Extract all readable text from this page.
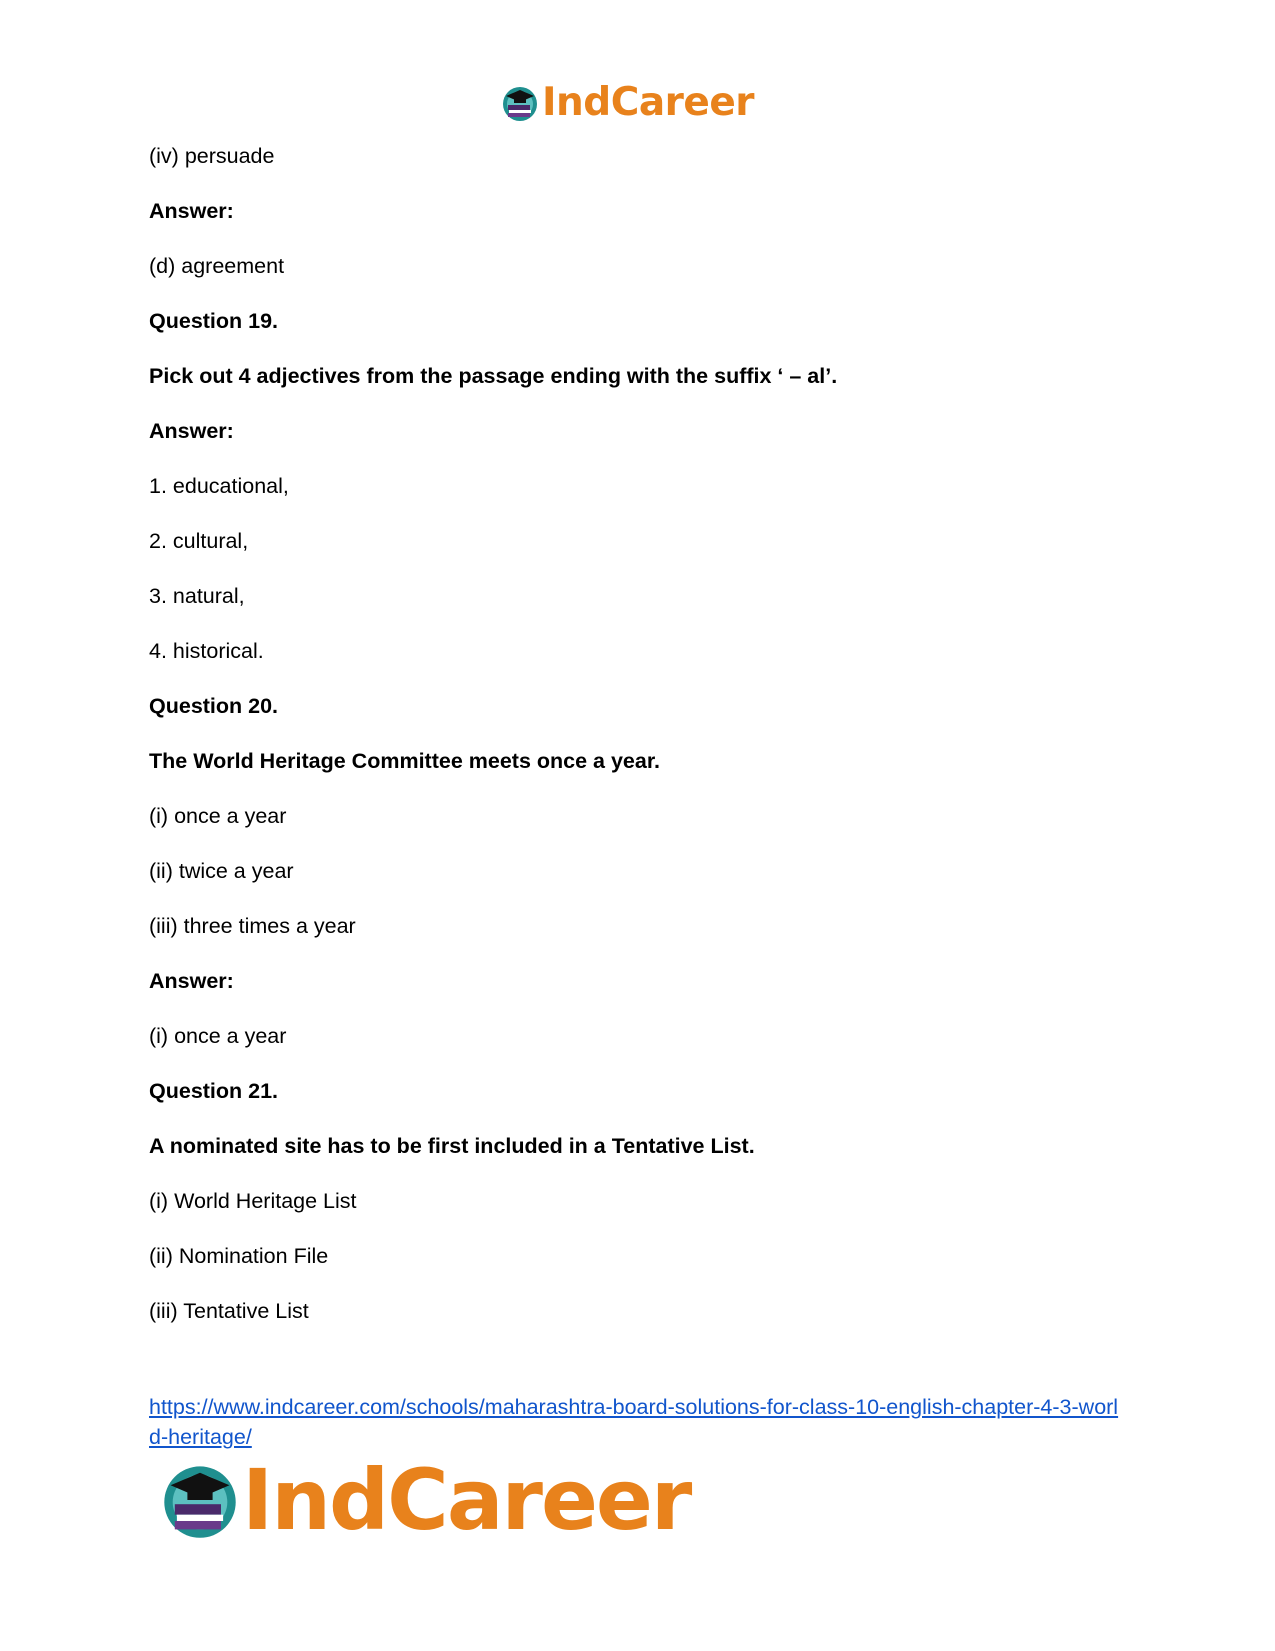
IndCareer
(iv) persuade
Answer:
(d) agreement
Question 19.
Pick out 4 adjectives from the passage ending with the suffix ‘ – al’.
Answer:
1. educational,
2. cultural,
3. natural,
4. historical.
Question 20.
The World Heritage Committee meets once a year.
(i) once a year
(ii) twice a year
(iii) three times a year
Answer:
(i) once a year
Question 21.
A nominated site has to be first included in a Tentative List.
(i) World Heritage List
(ii) Nomination File
(iii) Tentative List
https://www.indcareer.com/schools/maharashtra-board-solutions-for-class-10-english-chapter-4-3-world-heritage/
IndCareer
